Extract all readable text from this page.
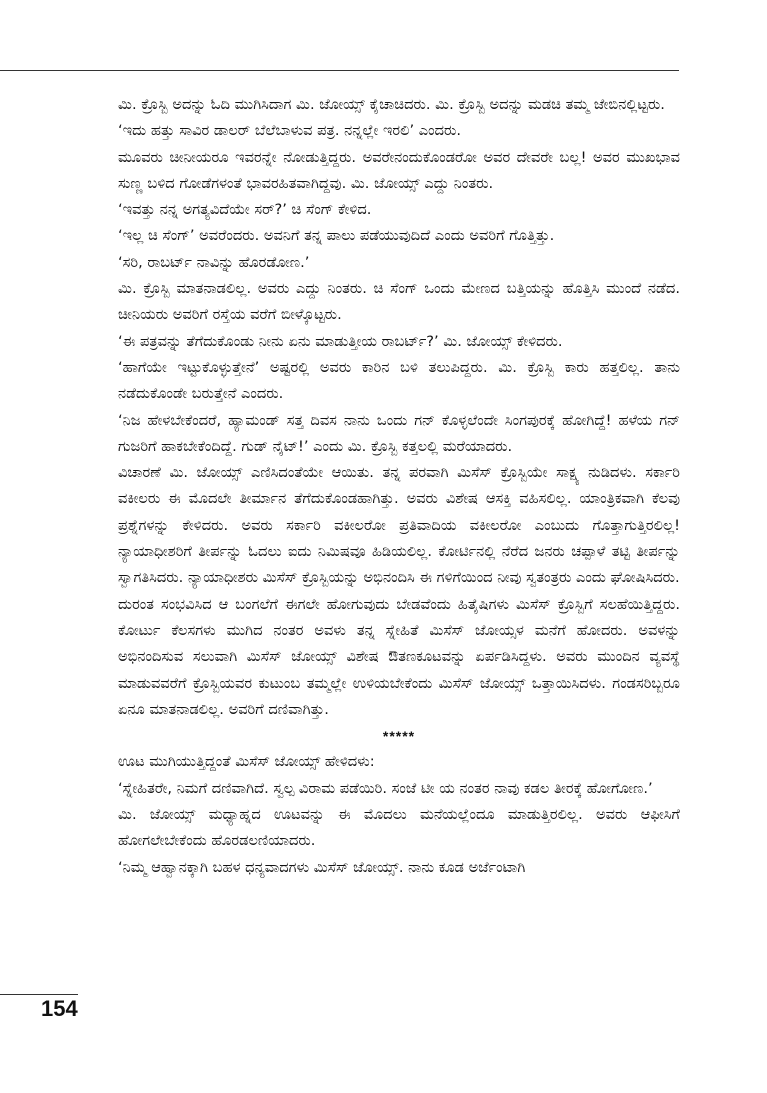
ಮಿ. ಕ್ರೊಸ್ಬಿ ಅದನ್ನು ಓದಿ ಮುಗಿಸಿದಾಗ ಮಿ. ಜೋಯ್ಸ್ ಕೈಚಾಚಿದರು. ಮಿ. ಕ್ರೊಸ್ಬಿ ಅದನ್ನು ಮಡಚಿ ತಮ್ಮ ಜೇಬಿನಲ್ಲಿಟ್ಟರು.

‘ಇದು ಹತ್ತು ಸಾವಿರ ಡಾಲರ್ ಬೆಲೆಬಾಳುವ ಪತ್ರ. ನನ್ನಲ್ಲೇ ಇರಲಿ’ ಎಂದರು.

ಮೂವರು ಚೀನೀಯರೂ ಇವರನ್ನೇ ನೋಡುತ್ತಿದ್ದರು. ಅವರೇನಂದುಕೊಂಡರೋ ಅವರ ದೇವರೇ ಬಲ್ಲ! ಅವರ ಮುಖಭಾವ ಸುಣ್ಣ ಬಳಿದ ಗೋಡೆಗಳಂತೆ ಭಾವರಹಿತವಾಗಿದ್ದವು. ಮಿ. ಜೋಯ್ಸ್ ಎದ್ದು ನಿಂತರು.

‘ಇವತ್ತು ನನ್ನ ಅಗತ್ಯವಿದೆಯೇ ಸರ್?’ ಚಿ ಸೆಂಗ್ ಕೇಳಿದ.

‘ಇಲ್ಲ ಚಿ ಸೆಂಗ್’ ಅವರೆಂದರು. ಅವನಿಗೆ ತನ್ನ ಪಾಲು ಪಡೆಯುವುದಿದೆ ಎಂದು ಅವರಿಗೆ ಗೊತ್ತಿತ್ತು.

‘ಸರಿ, ರಾಬರ್ಟ್ ನಾವಿನ್ನು ಹೊರಡೋಣ.’

ಮಿ. ಕ್ರೊಸ್ಬಿ ಮಾತನಾಡಲಿಲ್ಲ. ಅವರು ಎದ್ದು ನಿಂತರು. ಚಿ ಸೆಂಗ್ ಒಂದು ಮೇಣದ ಬತ್ತಿಯನ್ನು ಹೊತ್ತಿಸಿ ಮುಂದೆ ನಡೆದ. ಚೀನಿಯರು ಅವರಿಗೆ ರಸ್ತೆಯ ವರೆಗೆ ಬೀಳ್ಕೊಟ್ಟರು.

‘ಈ ಪತ್ರವನ್ನು ತೆಗೆದುಕೊಂಡು ನೀನು ಏನು ಮಾಡುತ್ತೀಯ ರಾಬರ್ಟ್?’ ಮಿ. ಜೋಯ್ಸ್ ಕೇಳಿದರು.

‘ಹಾಗೆಯೇ ಇಟ್ಟುಕೊಳ್ಳುತ್ತೇನೆ’ ಅಷ್ಟರಲ್ಲಿ ಅವರು ಕಾರಿನ ಬಳಿ ತಲುಪಿದ್ದರು. ಮಿ. ಕ್ರೊಸ್ಬಿ ಕಾರು ಹತ್ತಲಿಲ್ಲ. ತಾನು ನಡೆದುಕೊಂಡೇ ಬರುತ್ತೇನೆ ಎಂದರು.

‘ನಿಜ ಹೇಳಬೇಕೆಂದರೆ, ಹ್ಯಾಮಂಡ್ ಸತ್ತ ದಿವಸ ನಾನು ಒಂದು ಗನ್ ಕೊಳ್ಳಲೆಂದೇ ಸಿಂಗಪುರಕ್ಕೆ ಹೋಗಿದ್ದೆ! ಹಳೆಯ ಗನ್ ಗುಜರಿಗೆ ಹಾಕಬೇಕೆಂದಿದ್ದೆ. ಗುಡ್ ನೈಟ್!’ ಎಂದು ಮಿ. ಕ್ರೊಸ್ಬಿ ಕತ್ತಲಲ್ಲಿ ಮರೆಯಾದರು.

ವಿಚಾರಣೆ ಮಿ. ಜೋಯ್ಸ್ ಎಣಿಸಿದಂತೆಯೇ ಆಯಿತು. ತನ್ನ ಪರವಾಗಿ ಮಿಸೆಸ್ ಕ್ರೊಸ್ಬಿಯೇ ಸಾಕ್ಷ್ಯ ನುಡಿದಳು. ಸರ್ಕಾರಿ ವಕೀಲರು ಈ ಮೊದಲೇ ತೀರ್ಮಾನ ತೆಗೆದುಕೊಂಡಹಾಗಿತ್ತು. ಅವರು ವಿಶೇಷ ಆಸಕ್ತಿ ವಹಿಸಲಿಲ್ಲ. ಯಾಂತ್ರಿಕವಾಗಿ ಕೆಲವು ಪ್ರಶ್ನೆಗಳನ್ನು ಕೇಳಿದರು. ಅವರು ಸರ್ಕಾರಿ ವಕೀಲರೋ ಪ್ರತಿವಾದಿಯ ವಕೀಲರೋ ಎಂಬುದು ಗೊತ್ತಾಗುತ್ತಿರಲಿಲ್ಲ! ನ್ಯಾಯಾಧೀಶರಿಗೆ ತೀರ್ಪನ್ನು ಓದಲು ಐದು ನಿಮಿಷವೂ ಹಿಡಿಯಲಿಲ್ಲ. ಕೋರ್ಟಿನಲ್ಲಿ ನೆರೆದ ಜನರು ಚಪ್ಪಾಳೆ ತಟ್ಟಿ ತೀರ್ಪನ್ನು ಸ್ವಾಗತಿಸಿದರು. ನ್ಯಾಯಾಧೀಶರು ಮಿಸೆಸ್ ಕ್ರೊಸ್ಬಿಯನ್ನು ಅಭಿನಂದಿಸಿ ಈ ಗಳಿಗೆಯಿಂದ ನೀವು ಸ್ವತಂತ್ರರು ಎಂದು ಘೋಷಿಸಿದರು.

ದುರಂತ ಸಂಭವಿಸಿದ ಆ ಬಂಗಲೆಗೆ ಈಗಲೇ ಹೋಗುವುದು ಬೇಡವೆಂದು ಹಿತೈಷಿಗಳು ಮಿಸೆಸ್ ಕ್ರೊಸ್ಬಿಗೆ ಸಲಹೆಯಿತ್ತಿದ್ದರು. ಕೋರ್ಟು ಕೆಲಸಗಳು ಮುಗಿದ ನಂತರ ಅವಳು ತನ್ನ ಸ್ನೇಹಿತೆ ಮಿಸೆಸ್ ಜೋಯ್ಸಳ ಮನೆಗೆ ಹೋದರು. ಅವಳನ್ನು ಅಭಿನಂದಿಸುವ ಸಲುವಾಗಿ ಮಿಸೆಸ್ ಜೋಯ್ಸ್ ವಿಶೇಷ ಔತಣಕೂಟವನ್ನು ಏರ್ಪಡಿಸಿದ್ದಳು. ಅವರು ಮುಂದಿನ ವ್ಯವಸ್ಥೆ ಮಾಡುವವರೆಗೆ ಕ್ರೊಸ್ಬಿಯವರ ಕುಟುಂಬ ತಮ್ಮಲ್ಲೇ ಉಳಿಯಬೇಕೆಂದು ಮಿಸೆಸ್ ಜೋಯ್ಸ್ ಒತ್ತಾಯಿಸಿದಳು. ಗಂಡಸರಿಬ್ಬರೂ ಏನೂ ಮಾತನಾಡಲಿಲ್ಲ. ಅವರಿಗೆ ದಣಿವಾಗಿತ್ತು.

*****

ಊಟ ಮುಗಿಯುತ್ತಿದ್ದಂತೆ ಮಿಸೆಸ್ ಜೋಯ್ಸ್ ಹೇಳಿದಳು:

‘ಸ್ನೇಹಿತರೇ, ನಿಮಗೆ ದಣಿವಾಗಿದೆ. ಸ್ವಲ್ಪ ವಿರಾಮ ಪಡೆಯಿರಿ. ಸಂಜೆ ಟೀ ಯ ನಂತರ ನಾವು ಕಡಲ ತೀರಕ್ಕೆ ಹೋಗೋಣ.’

ಮಿ. ಜೋಯ್ಸ್ ಮಧ್ಯಾಹ್ನದ ಊಟವನ್ನು ಈ ಮೊದಲು ಮನೆಯಲ್ಲೆಂದೂ ಮಾಡುತ್ತಿರಲಿಲ್ಲ. ಅವರು ಆಫೀಸಿಗೆ ಹೋಗಲೇಬೇಕೆಂದು ಹೊರಡಲಣಿಯಾದರು.

‘ನಿಮ್ಮ ಆಹ್ವಾನಕ್ಕಾಗಿ ಬಹಳ ಧನ್ಯವಾದಗಳು ಮಿಸೆಸ್ ಜೋಯ್ಸ್. ನಾನು ಕೂಡ ಅರ್ಜೆಂಟಾಗಿ

154
